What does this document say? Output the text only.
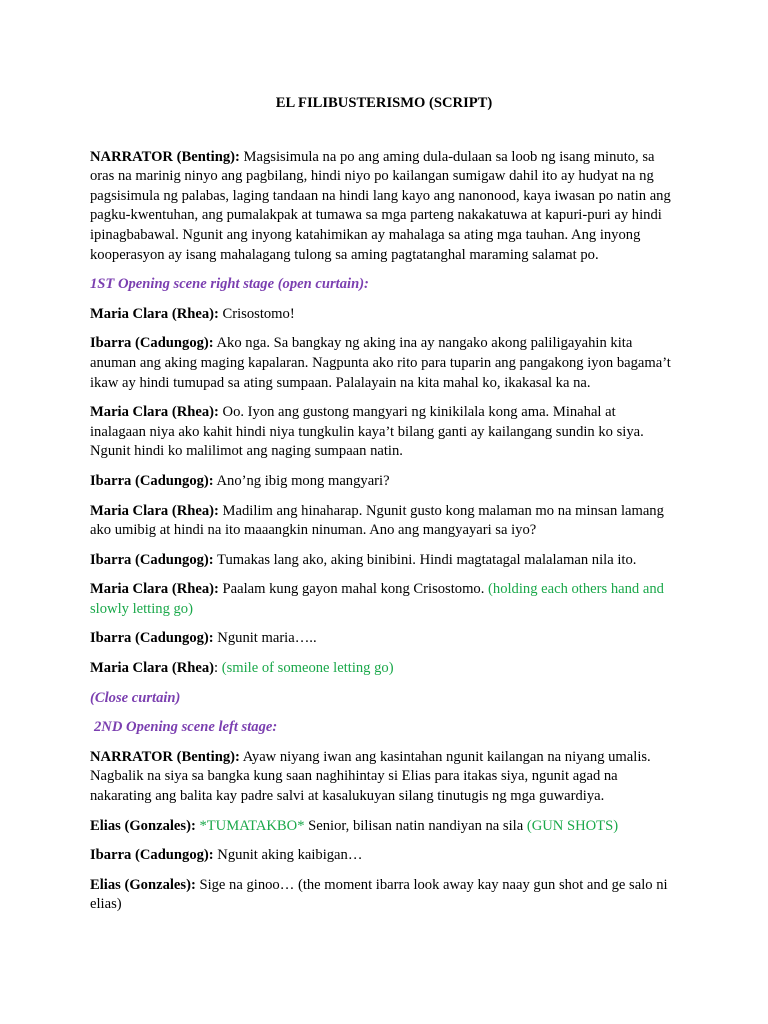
EL FILIBUSTERISMO (SCRIPT)

NARRATOR (Benting): Magsisimula na po ang aming dula-dulaan sa loob ng isang minuto, sa oras na marinig ninyo ang pagbilang, hindi niyo po kailangan sumigaw dahil ito ay hudyat na ng pagsisimula ng palabas, laging tandaan na hindi lang kayo ang nanonood, kaya iwasan po natin ang pagku-kwentuhan, ang pumalakpak at tumawa sa mga parteng nakakatuwa at kapuri-puri ay hindi ipinagbabawal. Ngunit ang inyong katahimikan ay mahalaga sa ating mga tauhan. Ang inyong kooperasyon ay isang mahalagang tulong sa aming pagtatanghal maraming salamat po.

1ST Opening scene right stage (open curtain):

Maria Clara (Rhea): Crisostomo!

Ibarra (Cadungog): Ako nga. Sa bangkay ng aking ina ay nangako akong paliligayahin kita anuman ang aking maging kapalaran. Nagpunta ako rito para tuparin ang pangakong iyon bagama’t ikaw ay hindi tumupad sa ating sumpaan. Palalayain na kita mahal ko, ikakasal ka na.

Maria Clara (Rhea): Oo. Iyon ang gustong mangyari ng kinikilala kong ama. Minahal at inalagaan niya ako kahit hindi niya tungkulin kaya’t bilang ganti ay kailangang sundin ko siya. Ngunit hindi ko malilimot ang naging sumpaan natin.

Ibarra (Cadungog): Ano’ng ibig mong mangyari?

Maria Clara (Rhea): Madilim ang hinaharap. Ngunit gusto kong malaman mo na minsan lamang ako umibig at hindi na ito maaangkin ninuman. Ano ang mangyayari sa iyo?

Ibarra (Cadungog): Tumakas lang ako, aking binibini. Hindi magtatagal malalaman nila ito.

Maria Clara (Rhea): Paalam kung gayon mahal kong Crisostomo. (holding each others hand and slowly letting go)

Ibarra (Cadungog): Ngunit maria…..

Maria Clara (Rhea): (smile of someone letting go)

(Close curtain)

2ND Opening scene left stage:

NARRATOR (Benting): Ayaw niyang iwan ang kasintahan ngunit kailangan na niyang umalis. Nagbalik na siya sa bangka kung saan naghihintay si Elias para itakas siya, ngunit agad na nakarating ang balita kay padre salvi at kasalukuyan silang tinutugis ng mga guwardiya.

Elias (Gonzales): *TUMATAKBO* Senior, bilisan natin nandiyan na sila (GUN SHOTS)

Ibarra (Cadungog): Ngunit aking kaibigan…

Elias (Gonzales): Sige na ginoo… (the moment ibarra look away kay naay gun shot and ge salo ni elias)
